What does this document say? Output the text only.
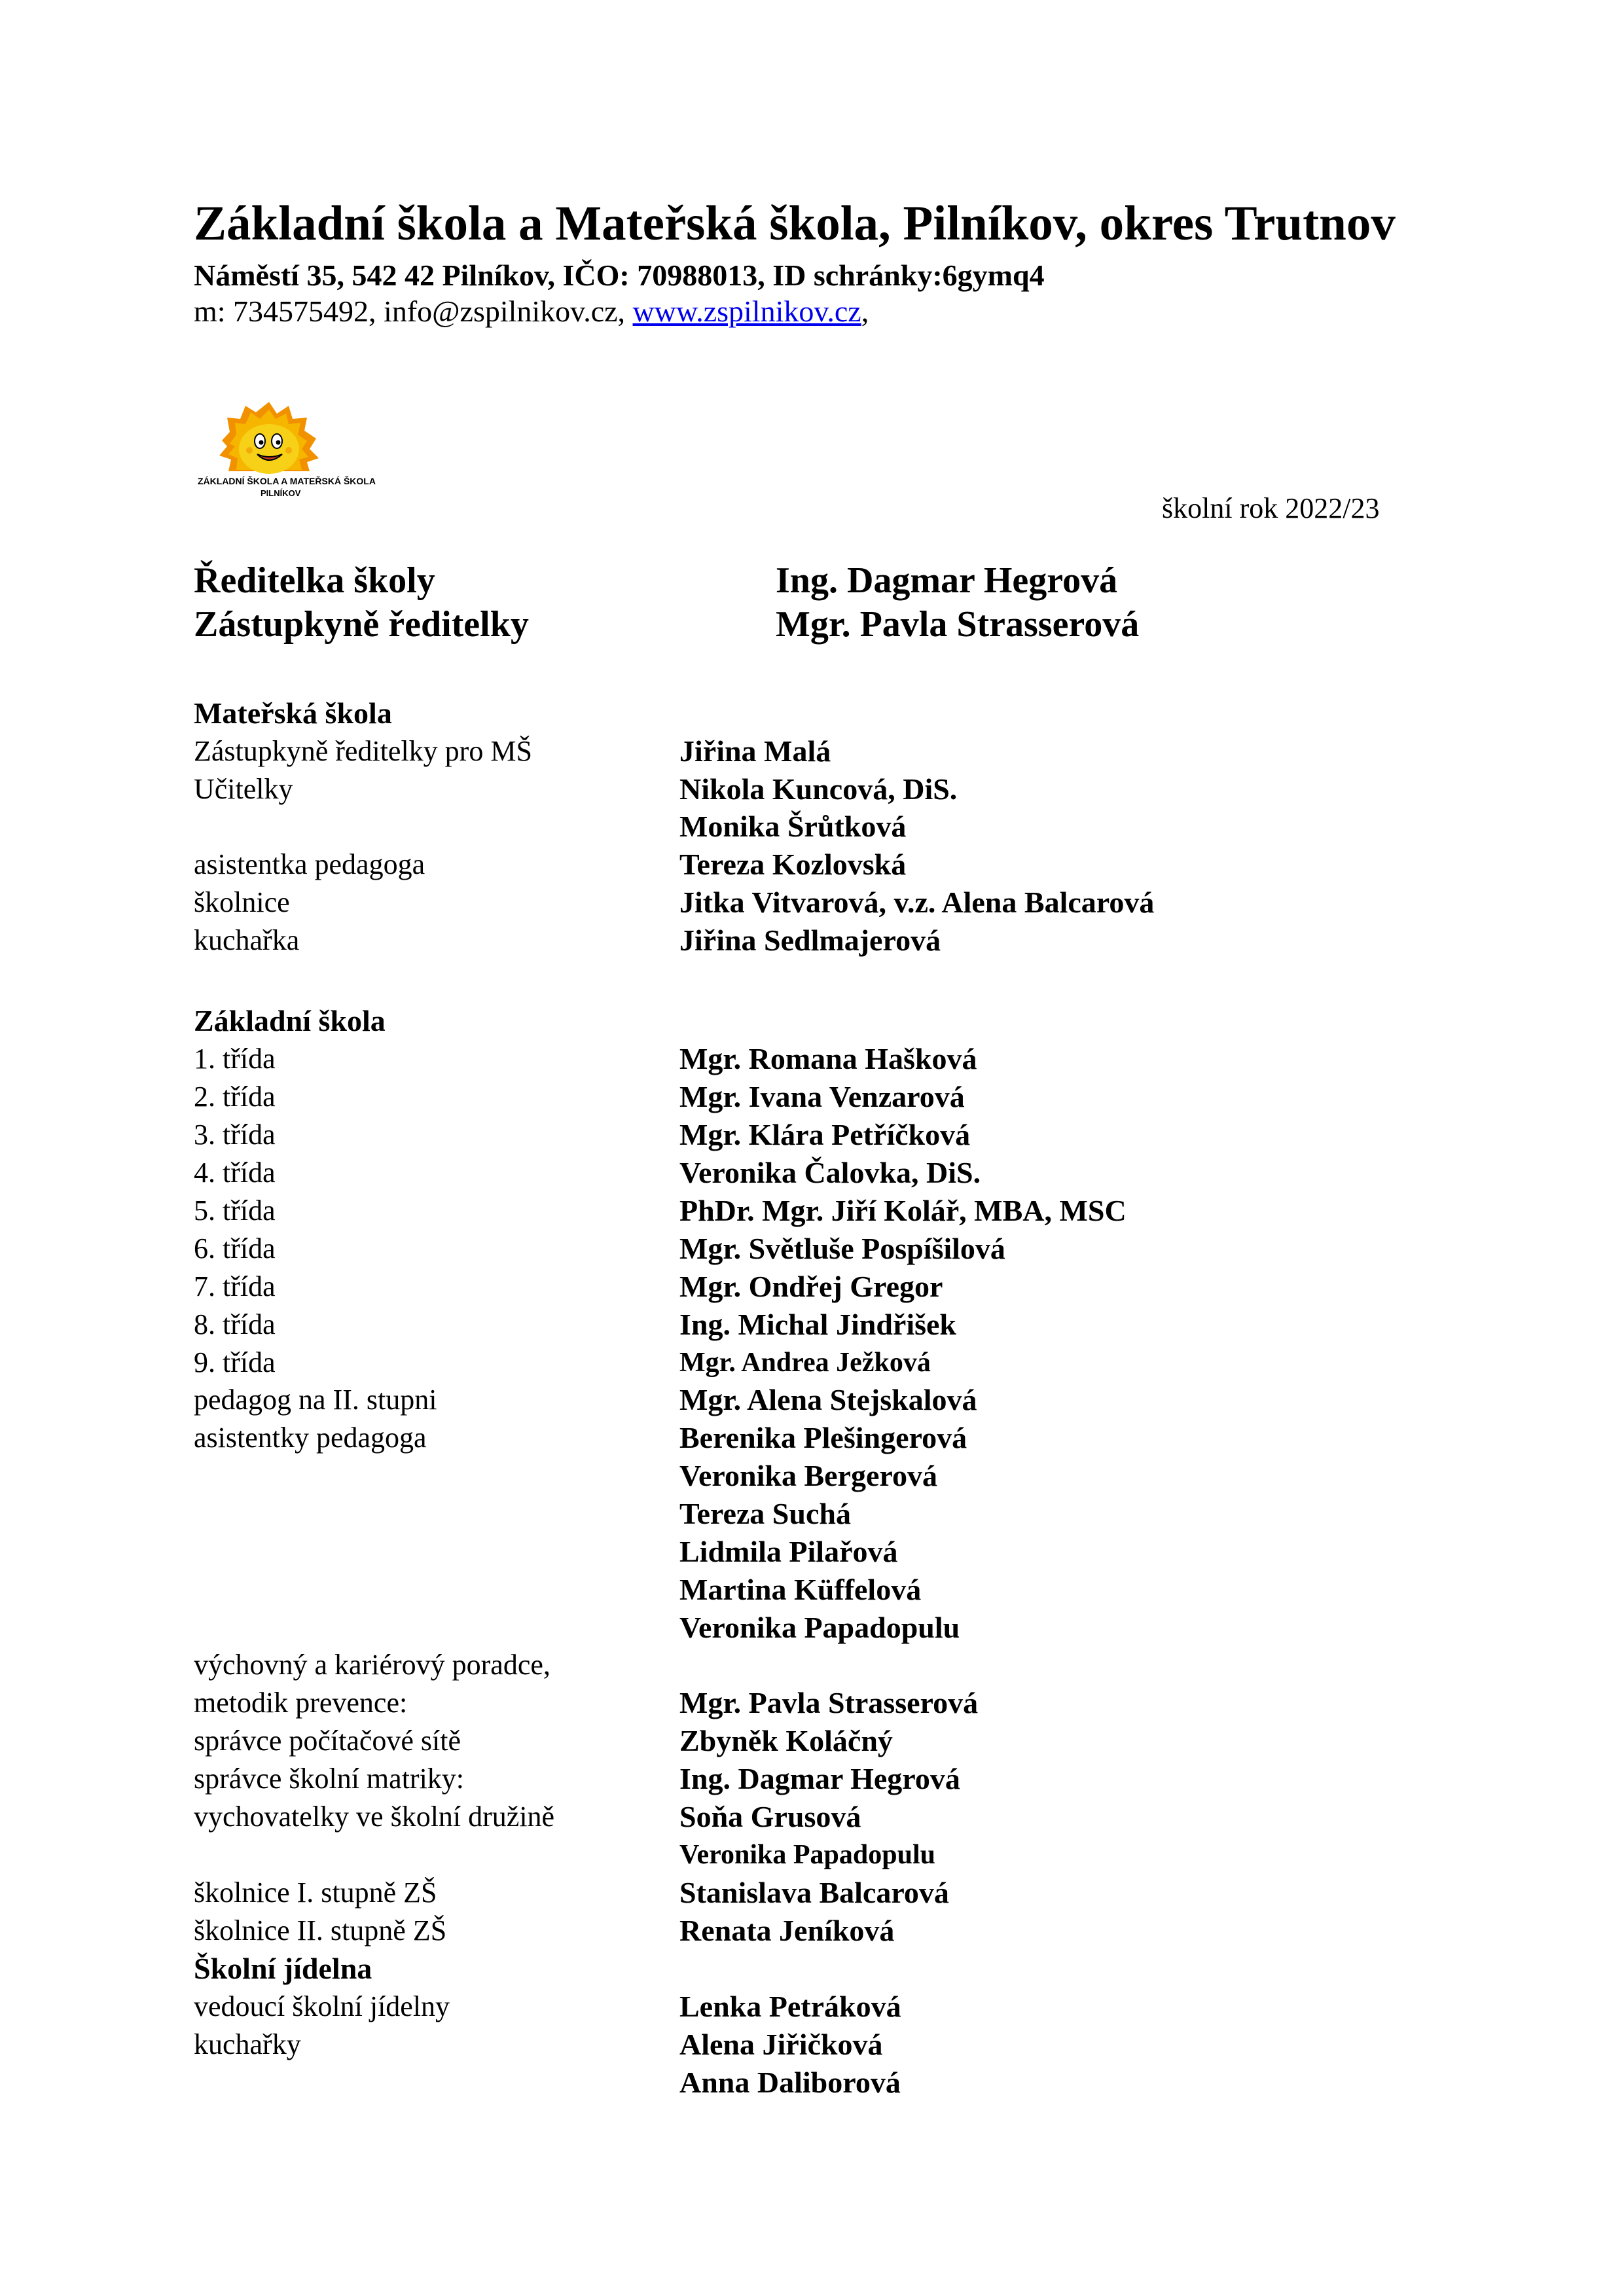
Základní škola a Mateřská škola, Pilníkov, okres Trutnov
Náměstí 35, 542 42 Pilníkov, IČO: 70988013, ID schránky:6gymq4
m: 734575492, info@zspilnikov.cz, www.zspilnikov.cz,
ZÁKLADNÍ ŠKOLA A MATEŘSKÁ ŠKOLA
PILNÍKOV	školní rok 2022/23
Ředitelka školy	Ing. Dagmar Hegrová
Zástupkyně ředitelky	Mgr. Pavla Strasserová
Mateřská škola
Zástupkyně ředitelky pro MŠ	Jiřina Malá
Učitelky	Nikola Kuncová, DiS.
Monika Šrůtková
asistentka pedagoga	Tereza Kozlovská
školnice	Jitka Vitvarová, v.z. Alena Balcarová
kuchařka	Jiřina Sedlmajerová
Základní škola
1. třída	Mgr. Romana Hašková
2. třída	Mgr. Ivana Venzarová
3. třída	Mgr. Klára Petříčková
4. třída	Veronika Čalovka, DiS.
5. třída	PhDr. Mgr. Jiří Kolář, MBA, MSC
6. třída	Mgr. Světluše Pospíšilová
7. třída	Mgr. Ondřej Gregor
8. třída	Ing. Michal Jindřišek
9. třída	Mgr. Andrea Ježková
pedagog na II. stupni	Mgr. Alena Stejskalová
asistentky pedagoga	Berenika Plešingerová
Veronika Bergerová
Tereza Suchá
Lidmila Pilařová
Martina Küffelová
Veronika Papadopulu
výchovný a kariérový poradce,
metodik prevence:	Mgr. Pavla Strasserová
správce počítačové sítě	Zbyněk Koláčný
správce školní matriky:	Ing. Dagmar Hegrová
vychovatelky ve školní družině	Soňa Grusová
Veronika Papadopulu
školnice I. stupně ZŠ	Stanislava Balcarová
školnice II. stupně ZŠ	Renata Jeníková
Školní jídelna
vedoucí školní jídelny	Lenka Petráková
kuchařky	Alena Jiřičková
Anna Daliborová
